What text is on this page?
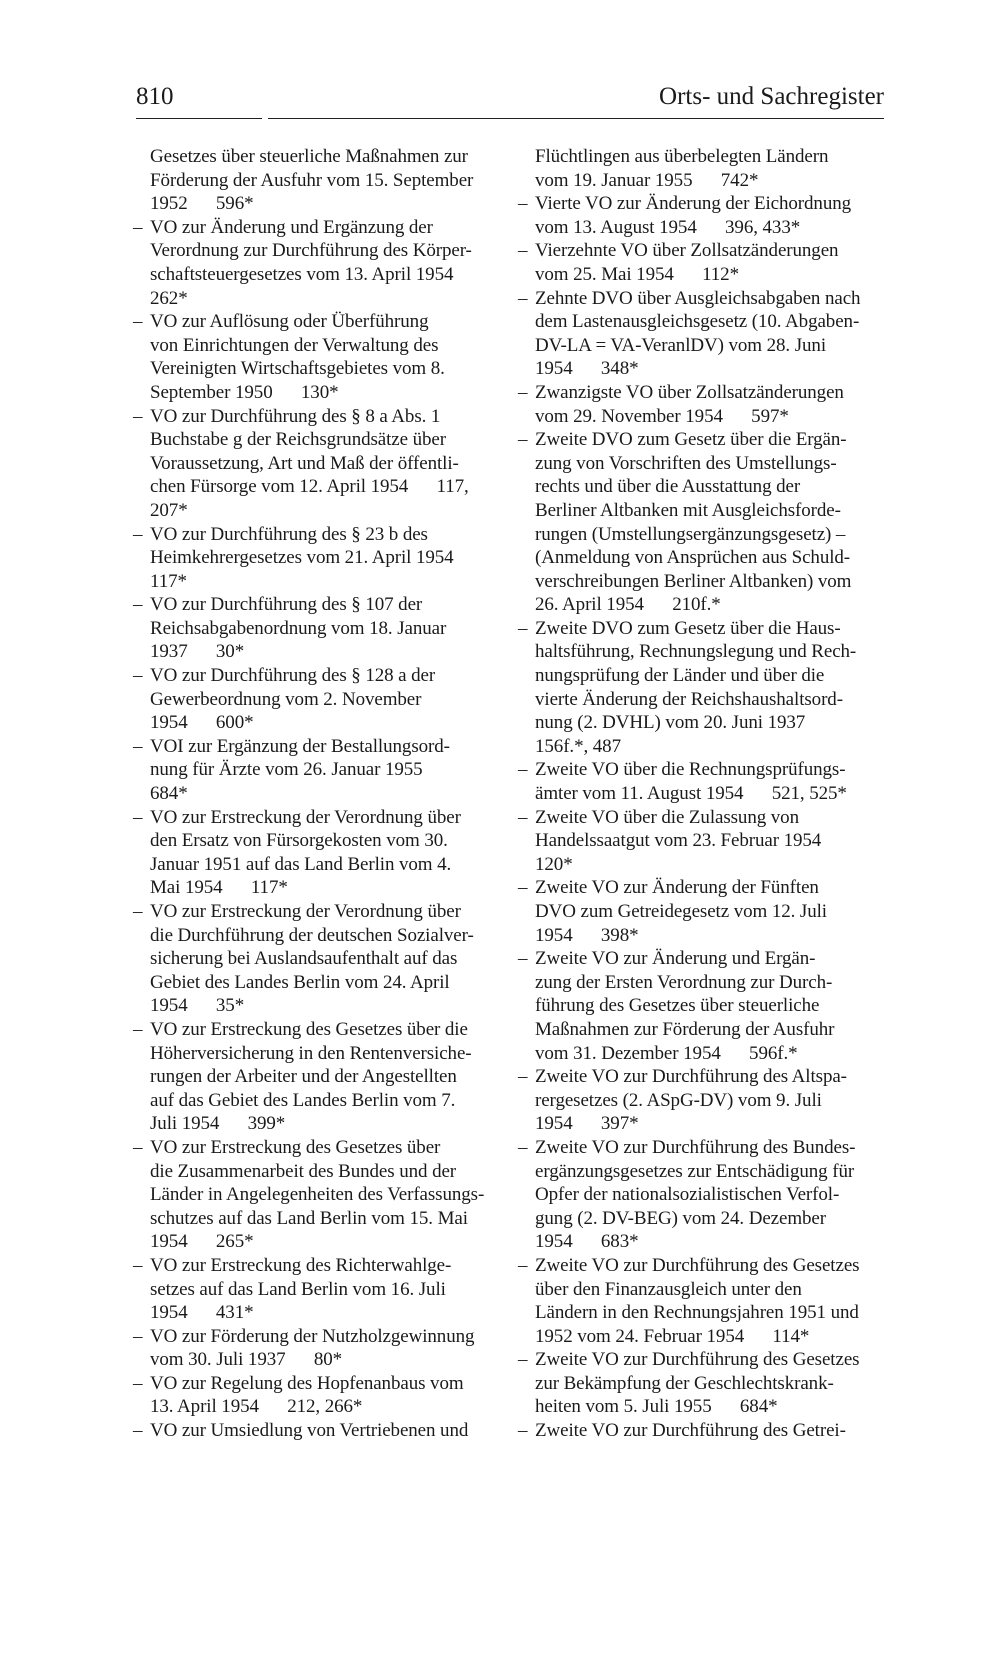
810	Orts- und Sachregister
Gesetzes über steuerliche Maßnahmen zur
Förderung der Ausfuhr vom 15. September
1952  596*
– VO zur Änderung und Ergänzung der
Verordnung zur Durchführung des Körper-
schaftsteuergesetzes vom 13. April 1954
262*
– VO zur Auflösung oder Überführung
von Einrichtungen der Verwaltung des
Vereinigten Wirtschaftsgebietes vom 8.
September 1950  130*
– VO zur Durchführung des § 8 a Abs. 1
Buchstabe g der Reichsgrundsätze über
Voraussetzung, Art und Maß der öffentli-
chen Fürsorge vom 12. April 1954  117,
207*
– VO zur Durchführung des § 23 b des
Heimkehrergesetzes vom 21. April 1954
117*
– VO zur Durchführung des § 107 der
Reichsabgabenordnung vom 18. Januar
1937  30*
– VO zur Durchführung des § 128 a der
Gewerbeordnung vom 2. November
1954  600*
– VOI zur Ergänzung der Bestallungsord-
nung für Ärzte vom 26. Januar 1955
684*
– VO zur Erstreckung der Verordnung über
den Ersatz von Fürsorgekosten vom 30.
Januar 1951 auf das Land Berlin vom 4.
Mai 1954  117*
– VO zur Erstreckung der Verordnung über
die Durchführung der deutschen Sozialver-
sicherung bei Auslandsaufenthalt auf das
Gebiet des Landes Berlin vom 24. April
1954  35*
– VO zur Erstreckung des Gesetzes über die
Höherversicherung in den Rentenversiche-
rungen der Arbeiter und der Angestellten
auf das Gebiet des Landes Berlin vom 7.
Juli 1954  399*
– VO zur Erstreckung des Gesetzes über
die Zusammenarbeit des Bundes und der
Länder in Angelegenheiten des Verfassungs-
schutzes auf das Land Berlin vom 15. Mai
1954  265*
– VO zur Erstreckung des Richterwahlge-
setzes auf das Land Berlin vom 16. Juli
1954  431*
– VO zur Förderung der Nutzholzgewinnung
vom 30. Juli 1937  80*
– VO zur Regelung des Hopfenanbaus vom
13. April 1954  212, 266*
– VO zur Umsiedlung von Vertriebenen und
Flüchtlingen aus überbelegten Ländern
vom 19. Januar 1955  742*
– Vierte VO zur Änderung der Eichordnung
vom 13. August 1954  396, 433*
– Vierzehnte VO über Zollsatzänderungen
vom 25. Mai 1954  112*
– Zehnte DVO über Ausgleichsabgaben nach
dem Lastenausgleichsgesetz (10. Abgaben-
DV-LA = VA-VeranlDV) vom 28. Juni
1954  348*
– Zwanzigste VO über Zollsatzänderungen
vom 29. November 1954  597*
– Zweite DVO zum Gesetz über die Ergän-
zung von Vorschriften des Umstellungs-
rechts und über die Ausstattung der
Berliner Altbanken mit Ausgleichsforde-
rungen (Umstellungsergänzungsgesetz) –
(Anmeldung von Ansprüchen aus Schuld-
verschreibungen Berliner Altbanken) vom
26. April 1954  210f.*
– Zweite DVO zum Gesetz über die Haus-
haltsführung, Rechnungslegung und Rech-
nungsprüfung der Länder und über die
vierte Änderung der Reichshaushaltsord-
nung (2. DVHL) vom 20. Juni 1937
156f.*, 487
– Zweite VO über die Rechnungsprüfungs-
ämter vom 11. August 1954  521, 525*
– Zweite VO über die Zulassung von
Handelssaatgut vom 23. Februar 1954
120*
– Zweite VO zur Änderung der Fünften
DVO zum Getreidegesetz vom 12. Juli
1954  398*
– Zweite VO zur Änderung und Ergän-
zung der Ersten Verordnung zur Durch-
führung des Gesetzes über steuerliche
Maßnahmen zur Förderung der Ausfuhr
vom 31. Dezember 1954  596f.*
– Zweite VO zur Durchführung des Altspa-
rergesetzes (2. ASpG-DV) vom 9. Juli
1954  397*
– Zweite VO zur Durchführung des Bundes-
ergänzungsgesetzes zur Entschädigung für
Opfer der nationalsozialistischen Verfol-
gung (2. DV-BEG) vom 24. Dezember
1954  683*
– Zweite VO zur Durchführung des Gesetzes
über den Finanzausgleich unter den
Ländern in den Rechnungsjahren 1951 und
1952 vom 24. Februar 1954  114*
– Zweite VO zur Durchführung des Gesetzes
zur Bekämpfung der Geschlechtskrank-
heiten vom 5. Juli 1955  684*
– Zweite VO zur Durchführung des Getrei-
